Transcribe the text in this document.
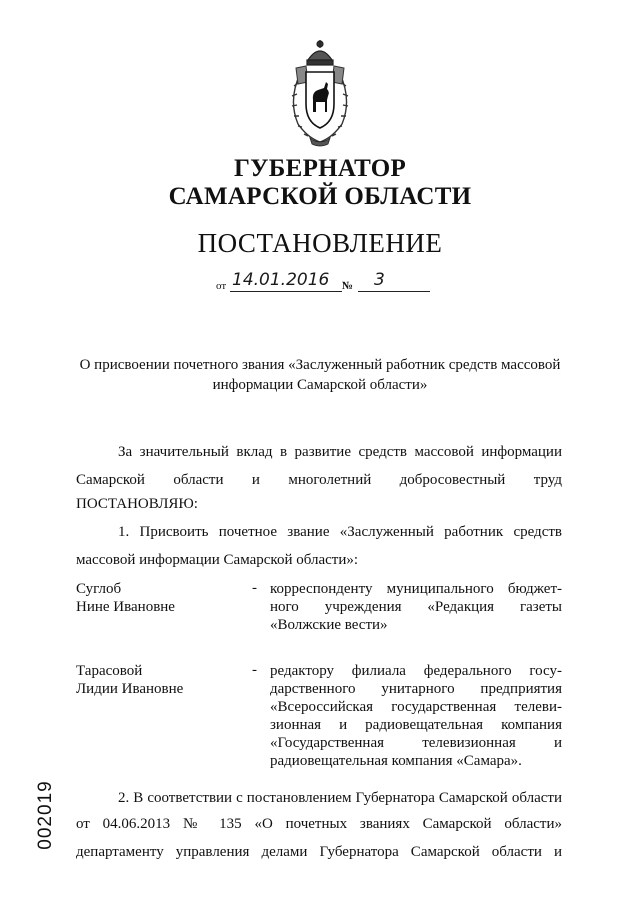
ГУБЕРНАТОР
САМАРСКОЙ ОБЛАСТИ
ПОСТАНОВЛЕНИЕ
от 14.01.2016 № 3
О присвоении почетного звания «Заслуженный работник средств массовой
информации Самарской области»
За значительный вклад в развитие средств массовой информации
Самарской области и многолетний добросовестный труд
ПОСТАНОВЛЯЮ:
1. Присвоить почетное звание «Заслуженный работник средств
массовой информации Самарской области»:
Суглоб
Нине Ивановне
- корреспонденту муниципального бюджет-
ного учреждения «Редакция газеты
«Волжские вести»
Тарасовой
Лидии Ивановне
- редактору филиала федерального госу-
дарственного унитарного предприятия
«Всероссийская государственная телеви-
зионная и радиовещательная компания
«Государственная телевизионная и
радиовещательная компания «Самара».
2. В соответствии с постановлением Губернатора Самарской области
от 04.06.2013 № 135 «О почетных званиях Самарской области»
департаменту управления делами Губернатора Самарской области и
002019
